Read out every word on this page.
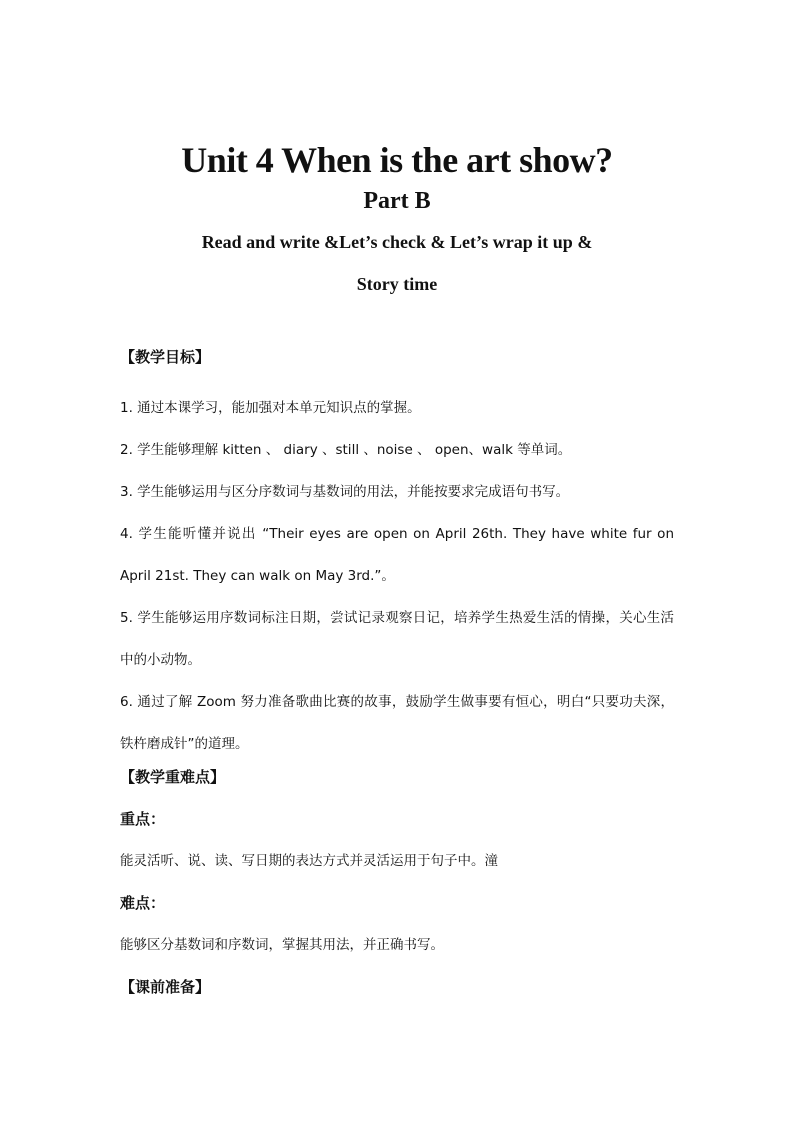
Unit 4 When is the art show?
Part B
Read and write &Let’s check & Let’s wrap it up &
Story time
【教学目标】
1. 通过本课学习，能加强对本单元知识点的掌握。
2. 学生能够理解 kitten 、 diary 、still 、noise 、 open、walk 等单词。
3. 学生能够运用与区分序数词与基数词的用法，并能按要求完成语句书写。
4. 学生能听懂并说出 “Their eyes are open on April 26th. They have white fur on April 21st. They can walk on May 3rd.”。
5. 学生能够运用序数词标注日期，尝试记录观察日记，培养学生热爱生活的情操，关心生活中的小动物。
6. 通过了解 Zoom 努力准备歌曲比赛的故事，鼓励学生做事要有恒心，明白“只要功夫深，铁杵磨成针”的道理。
【教学重难点】
重点：
能灵活听、说、读、写日期的表达方式并灵活运用于句子中。潼
难点：
能够区分基数词和序数词，掌握其用法，并正确书写。
【课前准备】
